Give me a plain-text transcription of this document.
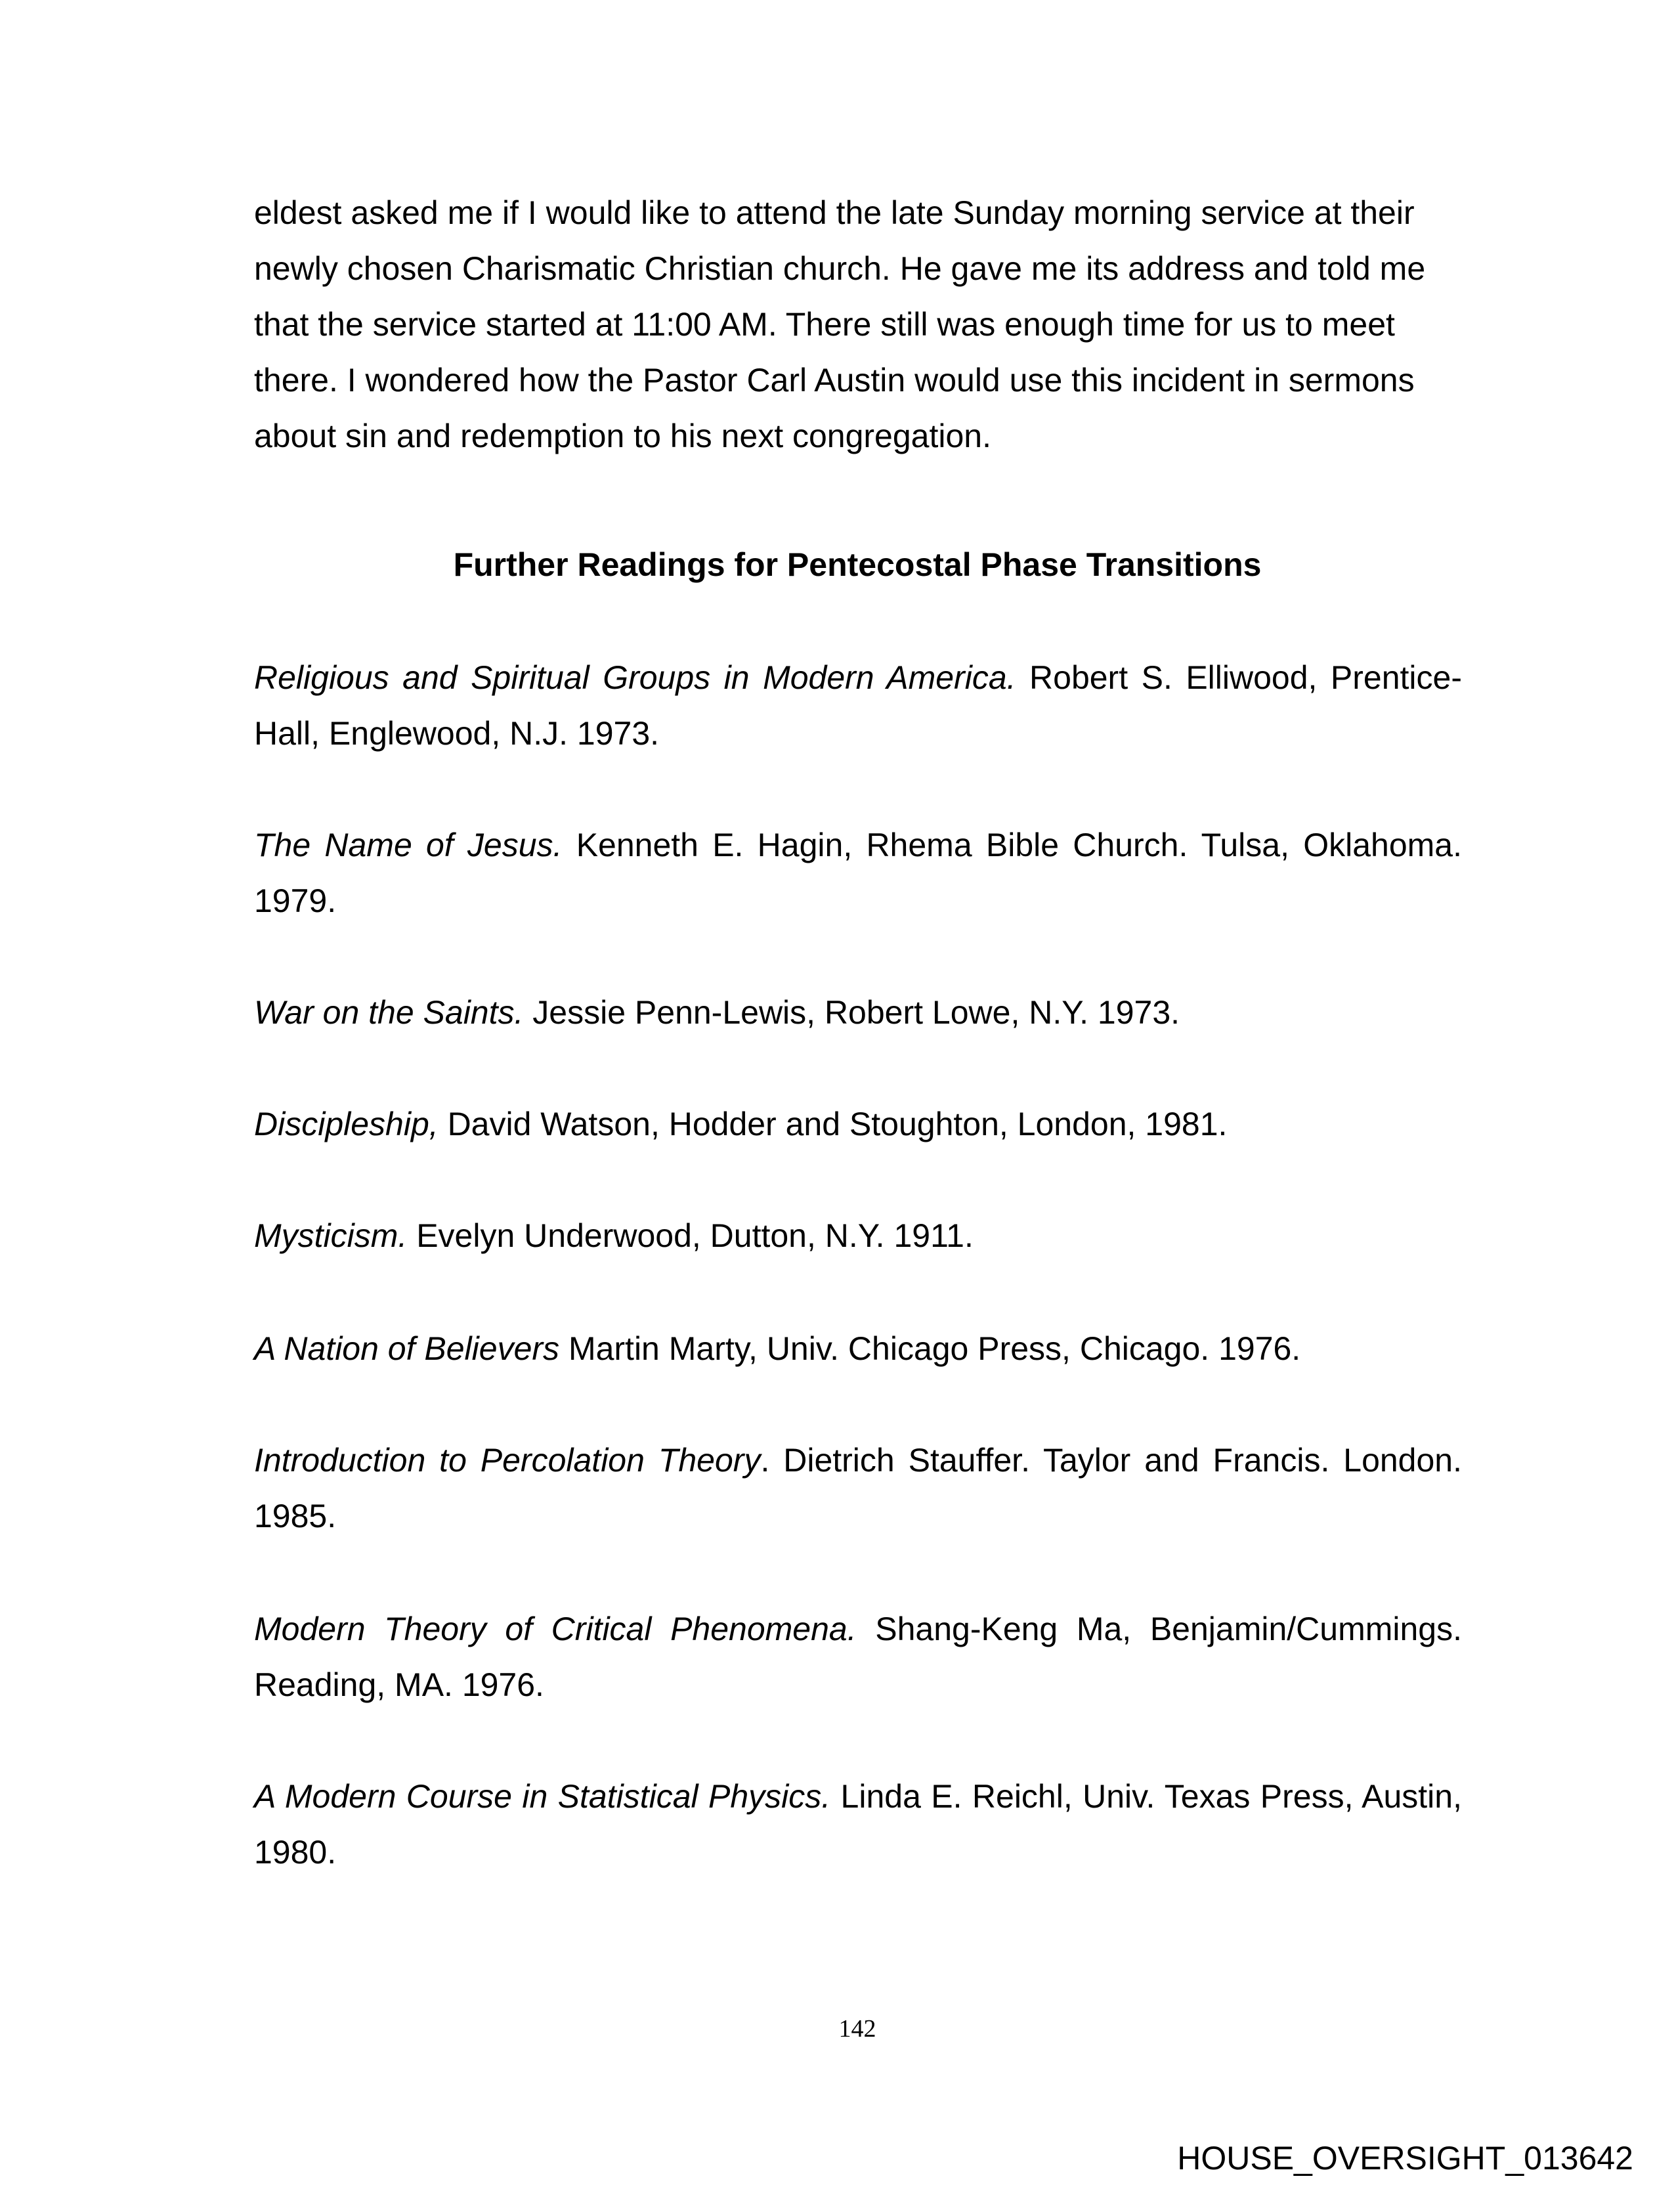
eldest asked me if I would like to attend the late Sunday morning service at their
newly chosen Charismatic Christian church. He gave me its address and told me
that the service started at 11:00 AM. There still was enough time for us to meet
there. I wondered how the Pastor Carl Austin would use this incident in sermons
about sin and redemption to his next congregation.
Further Readings for Pentecostal Phase Transitions
Religious and Spiritual Groups in Modern America. Robert S. Elliwood, Prentice-Hall, Englewood, N.J. 1973.
The Name of Jesus. Kenneth E. Hagin, Rhema Bible Church. Tulsa, Oklahoma. 1979.
War on the Saints. Jessie Penn-Lewis, Robert Lowe, N.Y. 1973.
Discipleship, David Watson, Hodder and Stoughton, London, 1981.
Mysticism. Evelyn Underwood, Dutton, N.Y. 1911.
A Nation of Believers Martin Marty, Univ. Chicago Press, Chicago. 1976.
Introduction to Percolation Theory. Dietrich Stauffer. Taylor and Francis. London. 1985.
Modern Theory of Critical Phenomena. Shang-Keng Ma, Benjamin/Cummings. Reading, MA. 1976.
A Modern Course in Statistical Physics. Linda E. Reichl, Univ. Texas Press, Austin, 1980.
142
HOUSE_OVERSIGHT_013642
